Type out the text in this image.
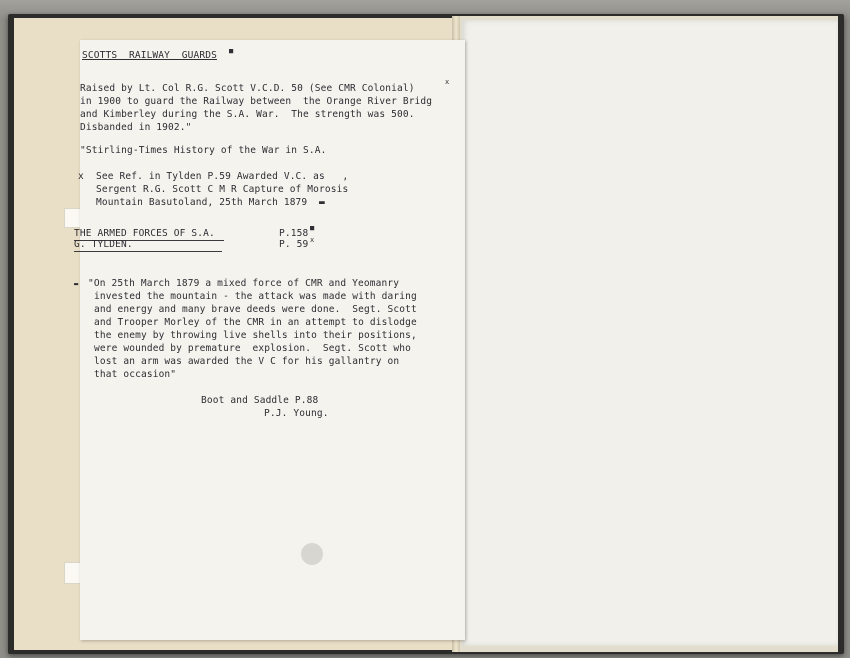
SCOTTS  RAILWAY  GUARDS ■
Raised by Lt. Col R.G. Scott V.C.D. 50 (See CMR Colonial)
x
in 1900 to guard the Railway between  the Orange River Bridg
and Kimberley during the S.A. War.  The strength was 500.
Disbanded in 1902."
"Stirling-Times History of the War in S.A.
x See Ref. in Tylden P.59 Awarded V.C. as   ,
Sergent R.G. Scott C M R Capture of Morosis
Mountain Basutoland, 25th March 1879  ▬
THE ARMED FORCES OF S.A.	P.158 ■
G. TYLDEN.	P. 59 x
▬ "On 25th March 1879 a mixed force of CMR and Yeomanry
invested the mountain - the attack was made with daring
and energy and many brave deeds were done.  Segt. Scott
and Trooper Morley of the CMR in an attempt to dislodge
the enemy by throwing live shells into their positions,
were wounded by premature  explosion.  Segt. Scott who
lost an arm was awarded the V C for his gallantry on
that occasion"
Boot and Saddle P.88
P.J. Young.
